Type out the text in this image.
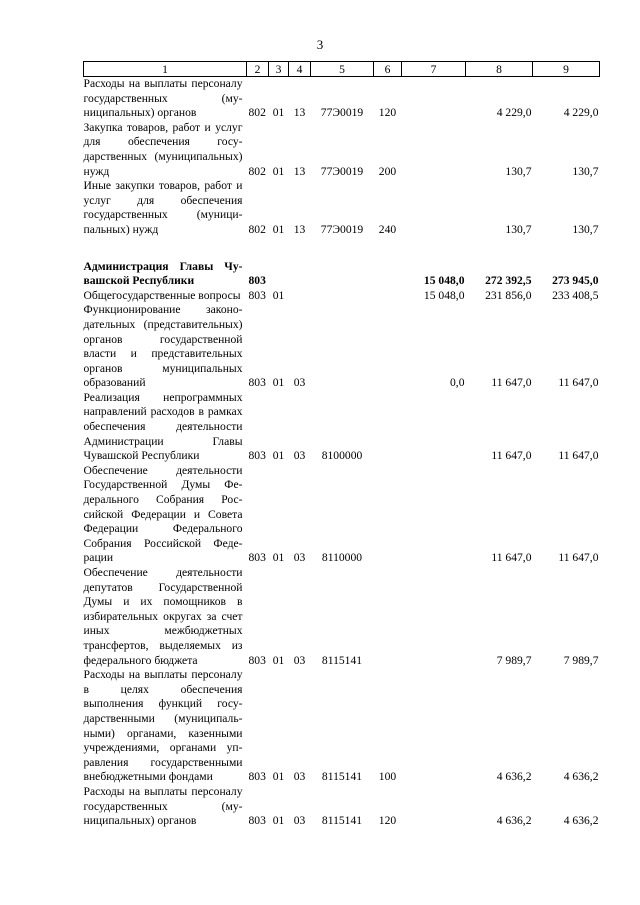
3
1	2	3	4	5	6	7	8	9
Расходы на выплаты персоналу государственных (муниципальных) органов	802	01	13	77Э0019	120		4 229,0	4 229,0
Закупка товаров, работ и услуг для обеспечения государственных (муниципальных) нужд	802	01	13	77Э0019	200		130,7	130,7
Иные закупки товаров, работ и услуг для обеспечения государственных (муниципальных) нужд	802	01	13	77Э0019	240		130,7	130,7

Администрация Главы Чувашской Республики	803					15 048,0	272 392,5	273 945,0
Общегосударственные вопросы	803	01				15 048,0	231 856,0	233 408,5
Функционирование законодательных (представительных) органов государственной власти и представительных органов муниципальных образований	803	01	03			0,0	11 647,0	11 647,0
Реализация непрограммных направлений расходов в рамках обеспечения деятельности Администрации Главы Чувашской Республики	803	01	03	8100000			11 647,0	11 647,0
Обеспечение деятельности Государственной Думы Федерального Собрания Российской Федерации и Совета Федерации Федерального Собрания Российской Федерации	803	01	03	8110000			11 647,0	11 647,0
Обеспечение деятельности депутатов Государственной Думы и их помощников в избирательных округах за счет иных межбюджетных трансфертов, выделяемых из федерального бюджета	803	01	03	8115141			7 989,7	7 989,7
Расходы на выплаты персоналу в целях обеспечения выполнения функций государственными (муниципальными) органами, казенными учреждениями, органами управления государственными внебюджетными фондами	803	01	03	8115141	100		4 636,2	4 636,2
Расходы на выплаты персоналу государственных (муниципальных) органов	803	01	03	8115141	120		4 636,2	4 636,2
